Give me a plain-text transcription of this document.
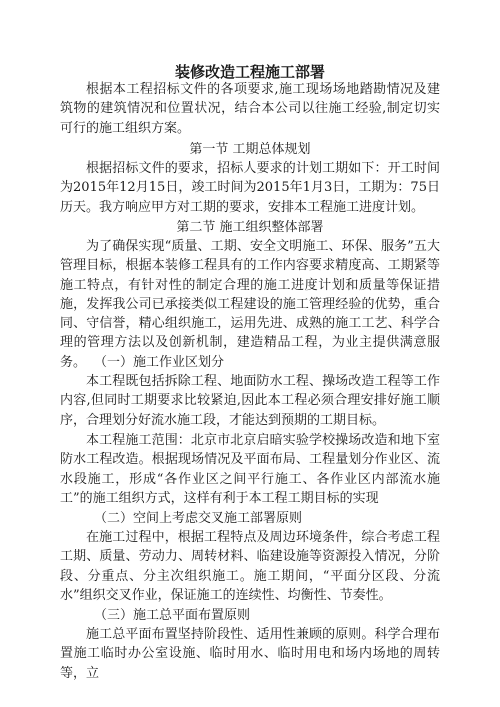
装修改造工程施工部署
根据本工程招标文件的各项要求,施工现场场地踏勘情况及建筑物的建筑情况和位置状况，结合本公司以往施工经验,制定切实可行的施工组织方案。
第一节 工期总体规划
根据招标文件的要求，招标人要求的计划工期如下：开工时间为2015年12月15日，竣工时间为2015年1月3日，工期为：75日历天。我方响应甲方对工期的要求，安排本工程施工进度计划。
第二节 施工组织整体部署
为了确保实现“质量、工期、安全文明施工、环保、服务”五大管理目标，根据本装修工程具有的工作内容要求精度高、工期紧等施工特点，有针对性的制定合理的施工进度计划和质量等保证措施，发挥我公司已承接类似工程建设的施工管理经验的优势，重合同、守信誉，精心组织施工，运用先进、成熟的施工工艺、科学合理的管理方法以及创新机制，建造精品工程，为业主提供满意服务。 （一）施工作业区划分
本工程既包括拆除工程、地面防水工程、操场改造工程等工作内容,但同时工期要求比较紧迫,因此本工程必须合理安排好施工顺序，合理划分好流水施工段，才能达到预期的工期目标。
本工程施工范围：北京市北京启暗实验学校操场改造和地下室防水工程改造。根据现场情况及平面布局、工程量划分作业区、流水段施工，形成“各作业区之间平行施工、各作业区内部流水施工”的施工组织方式，这样有利于本工程工期目标的实现
（二）空间上考虑交叉施工部署原则
在施工过程中，根据工程特点及周边环境条件，综合考虑工程工期、质量、劳动力、周转材料、临建设施等资源投入情况，分阶段、分重点、分主次组织施工。施工期间，“平面分区段、分流水”组织交叉作业，保证施工的连续性、均衡性、节奏性。
（三）施工总平面布置原则
施工总平面布置坚持阶段性、适用性兼顾的原则。科学合理布置施工临时办公室设施、临时用水、临时用电和场内场地的周转等，立
